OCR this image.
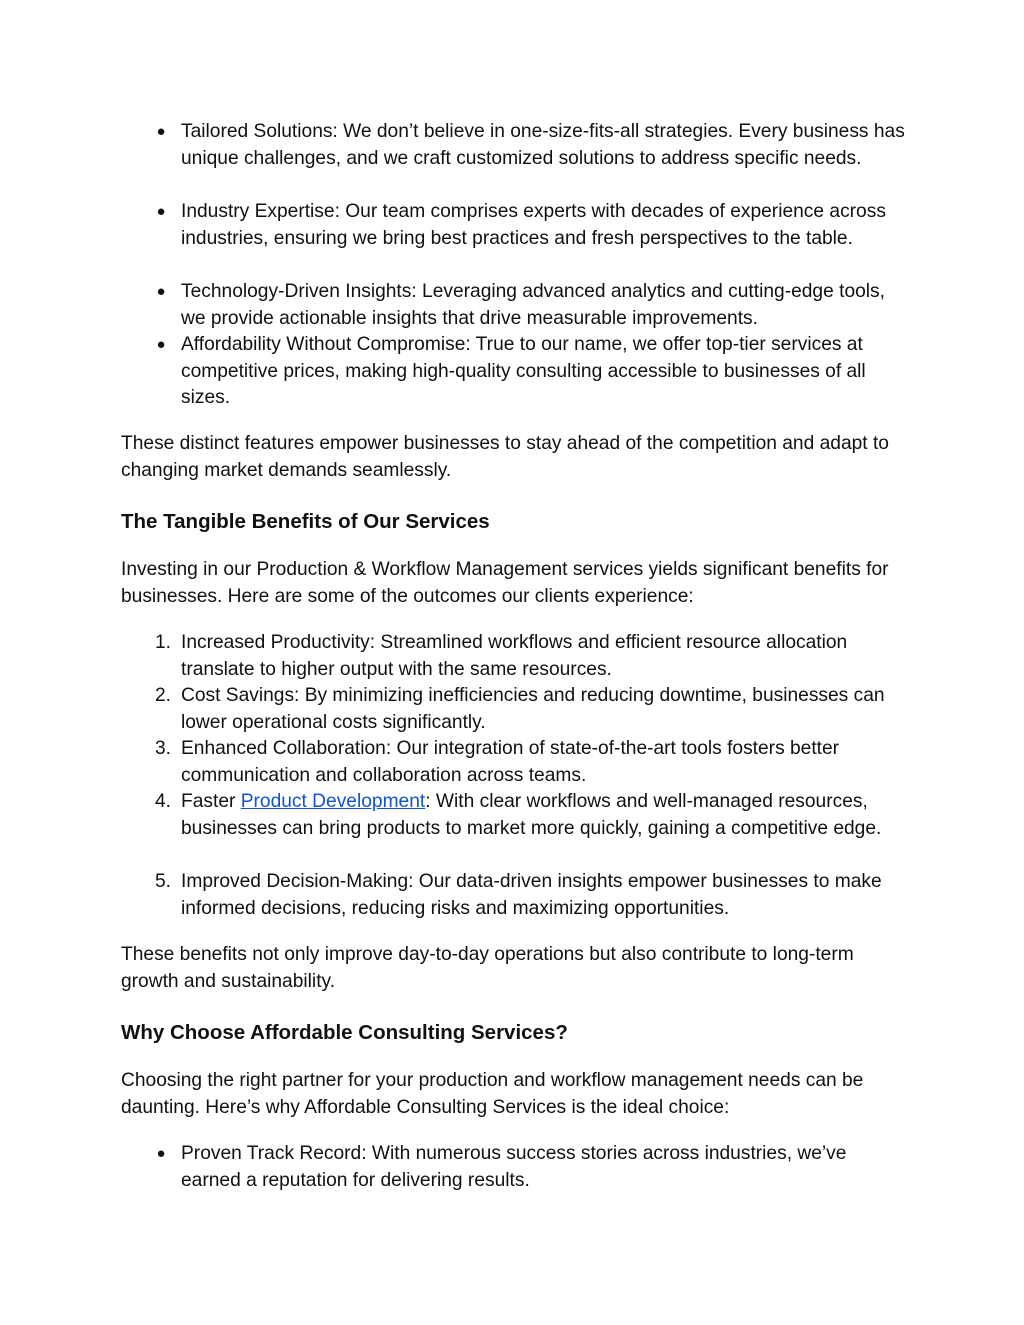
● Tailored Solutions: We don’t believe in one-size-fits-all strategies. Every business has unique challenges, and we craft customized solutions to address specific needs.
● Industry Expertise: Our team comprises experts with decades of experience across industries, ensuring we bring best practices and fresh perspectives to the table.
● Technology-Driven Insights: Leveraging advanced analytics and cutting-edge tools, we provide actionable insights that drive measurable improvements.
● Affordability Without Compromise: True to our name, we offer top-tier services at competitive prices, making high-quality consulting accessible to businesses of all sizes.

These distinct features empower businesses to stay ahead of the competition and adapt to changing market demands seamlessly.

The Tangible Benefits of Our Services

Investing in our Production & Workflow Management services yields significant benefits for businesses. Here are some of the outcomes our clients experience:

1. Increased Productivity: Streamlined workflows and efficient resource allocation translate to higher output with the same resources.
2. Cost Savings: By minimizing inefficiencies and reducing downtime, businesses can lower operational costs significantly.
3. Enhanced Collaboration: Our integration of state-of-the-art tools fosters better communication and collaboration across teams.
4. Faster Product Development: With clear workflows and well-managed resources, businesses can bring products to market more quickly, gaining a competitive edge.
5. Improved Decision-Making: Our data-driven insights empower businesses to make informed decisions, reducing risks and maximizing opportunities.

These benefits not only improve day-to-day operations but also contribute to long-term growth and sustainability.

Why Choose Affordable Consulting Services?

Choosing the right partner for your production and workflow management needs can be daunting. Here’s why Affordable Consulting Services is the ideal choice:

● Proven Track Record: With numerous success stories across industries, we’ve earned a reputation for delivering results.
